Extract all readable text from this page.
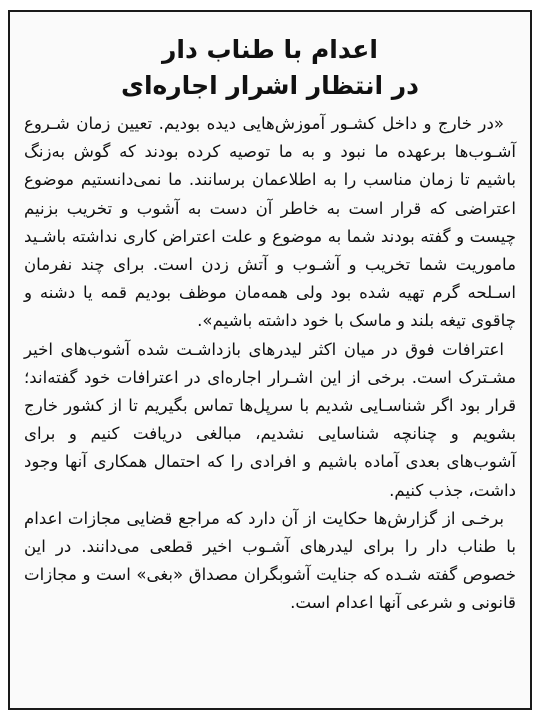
اعدام با طناب دار
در انتظار اشرار اجاره‌ای

«در خارج و داخل کشـور آموزش‌هایی دیده بودیم. تعیین زمان شـروع آشـوب‌ها برعهده ما نبود و به ما توصیه کرده بودند که گوش به‌زنگ باشیم تا زمان مناسب را به اطلاعمان برسانند. ما نمی‌دانستیم موضوع اعتراضی که قرار است به خاطر آن دست به آشوب و تخریب بزنیم چیست و گفته بودند شما به موضوع و علت اعتراض کاری نداشته باشـید ماموریت شما تخریب و آشـوب و آتش زدن است. برای چند نفرمان اسـلحه گرم تهیه شده بود ولی همه‌مان موظف بودیم قمه یا دشنه و چاقوی تیغه بلند و ماسک با خود داشته باشیم».

اعترافات فوق در میان اکثر لیدرهای بازداشـت شده آشوب‌های اخیر مشـترک است. برخی از این اشـرار اجاره‌ای در اعترافات خود گفته‌اند؛ قرار بود اگر شناسـایی شدیم با سرپل‌ها تماس بگیریم تا از کشور خارج بشویم و چنانچه شناسایی نشدیم، مبالغی دریافت کنیم و برای آشوب‌های بعدی آماده باشیم و افرادی را که احتمال همکاری آنها وجود داشت، جذب کنیم.

برخـی از گزارش‌ها حکایت از آن دارد که مراجع قضایی مجازات اعدام با طناب دار را برای لیدرهای آشـوب اخیر قطعی می‌دانند. در این خصوص گفته شـده که جنایت آشوبگران مصداق «بغی» است و مجازات قانونی و شرعی آنها اعدام است.
